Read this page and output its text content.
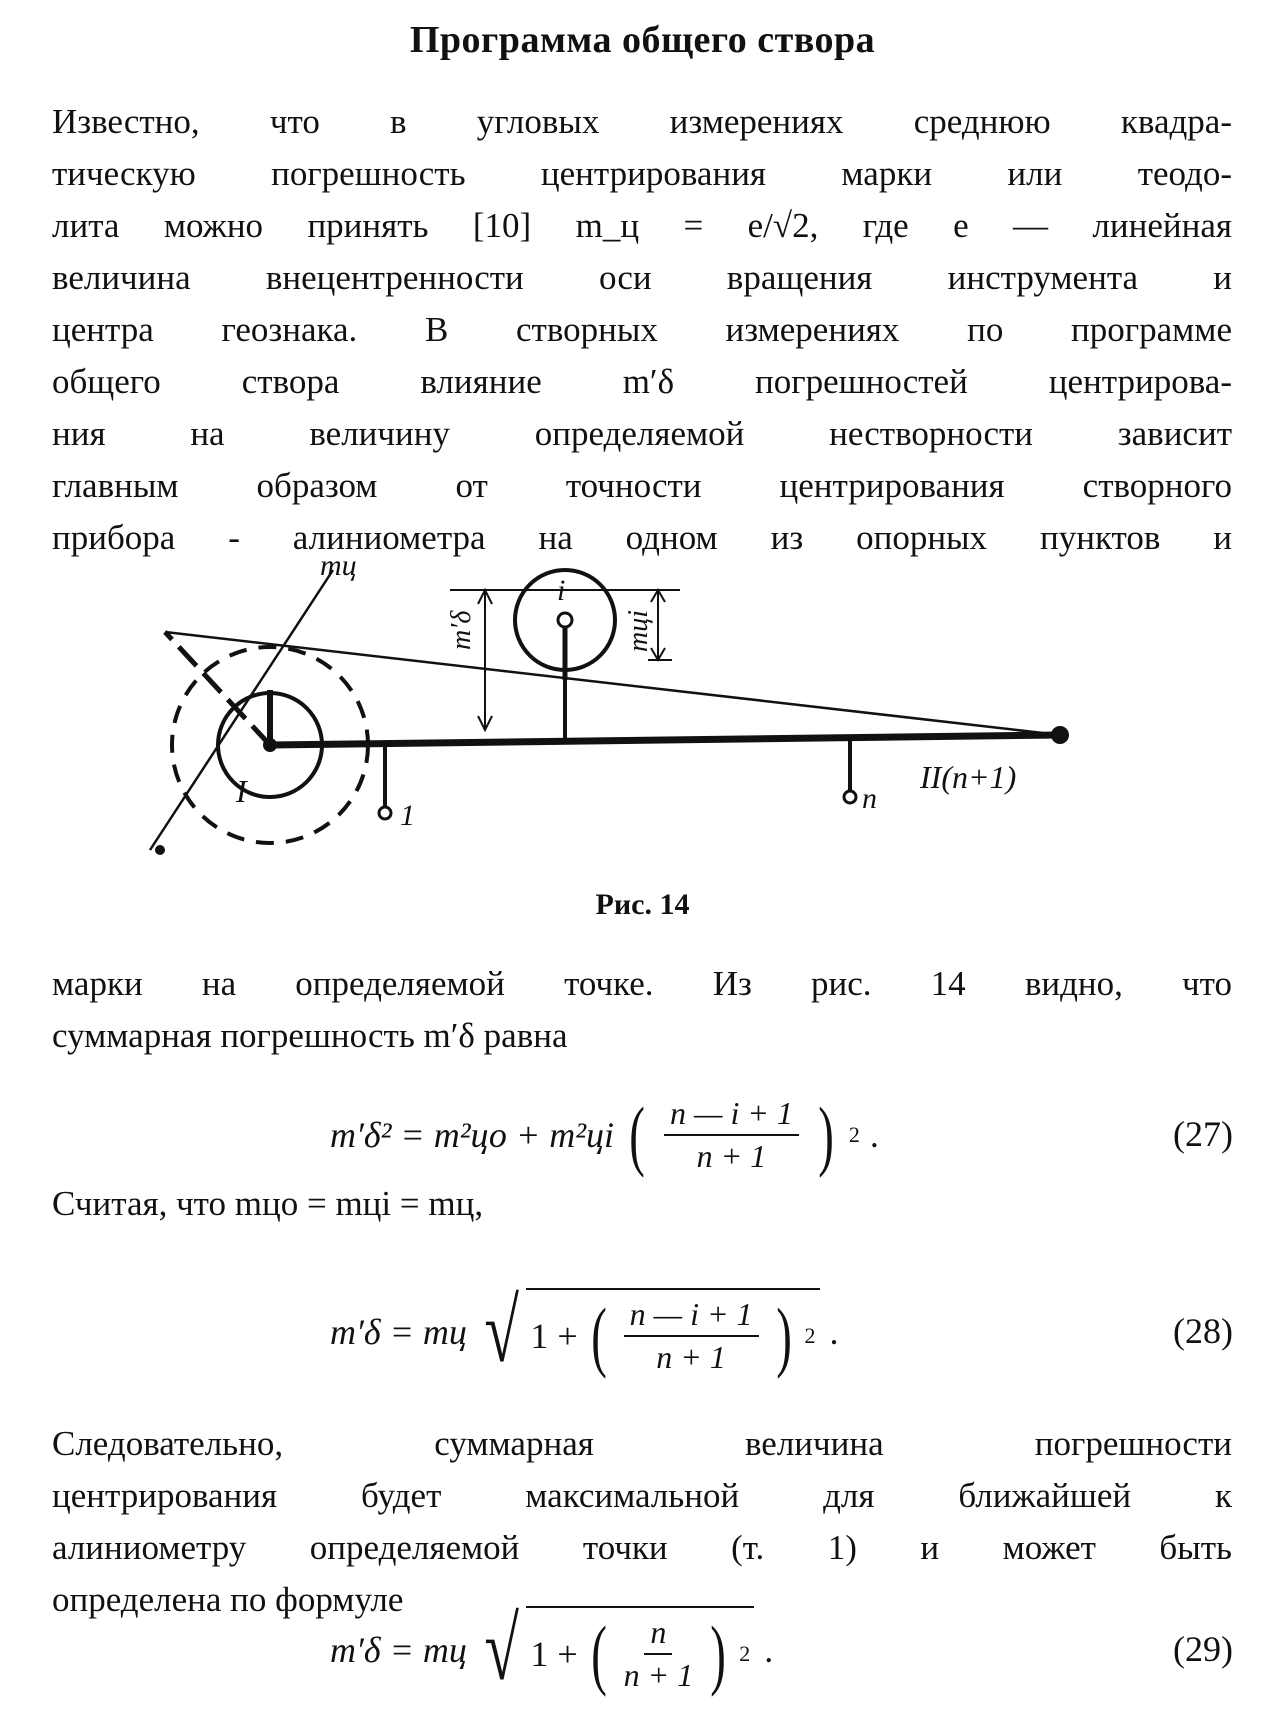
Программа общего створа
Известно, что в угловых измерениях среднюю квадра-
тическую погрешность центрирования марки или теодо-
лита можно принять [10] m_ц = e/√2, где e — линейная
величина внецентренности оси вращения инструмента и
центра геознака. В створных измерениях по программе
общего створа влияние m′δ погрешностей центрирова-
ния на величину определяемой нестворности зависит
главным образом от точности центрирования створного
прибора - алиниометра на одном из опорных пунктов и
mц
i
m′δ	mцi
I
1
n
II(n+1)
Рис. 14
марки на определяемой точке. Из рис. 14 видно, что
суммарная погрешность m′δ равна
m′δ² = m²цо + m²цi ( $\frac{n — i + 1}{n + 1}$ ) 2 .	(27)
Считая, что mцо = mцi = mц,
m′δ = mц √ 1 + ( $\frac{n — i + 1}{n + 1}$ ) 2 .	(28)
Следовательно, суммарная величина погрешности
центрирования будет максимальной для ближайшей к
алиниометру определяемой точки (т. 1) и может быть
определена по формуле
m′δ = mц √ 1 + ( $\frac{n}{n + 1}$ ) 2 .	(29)
